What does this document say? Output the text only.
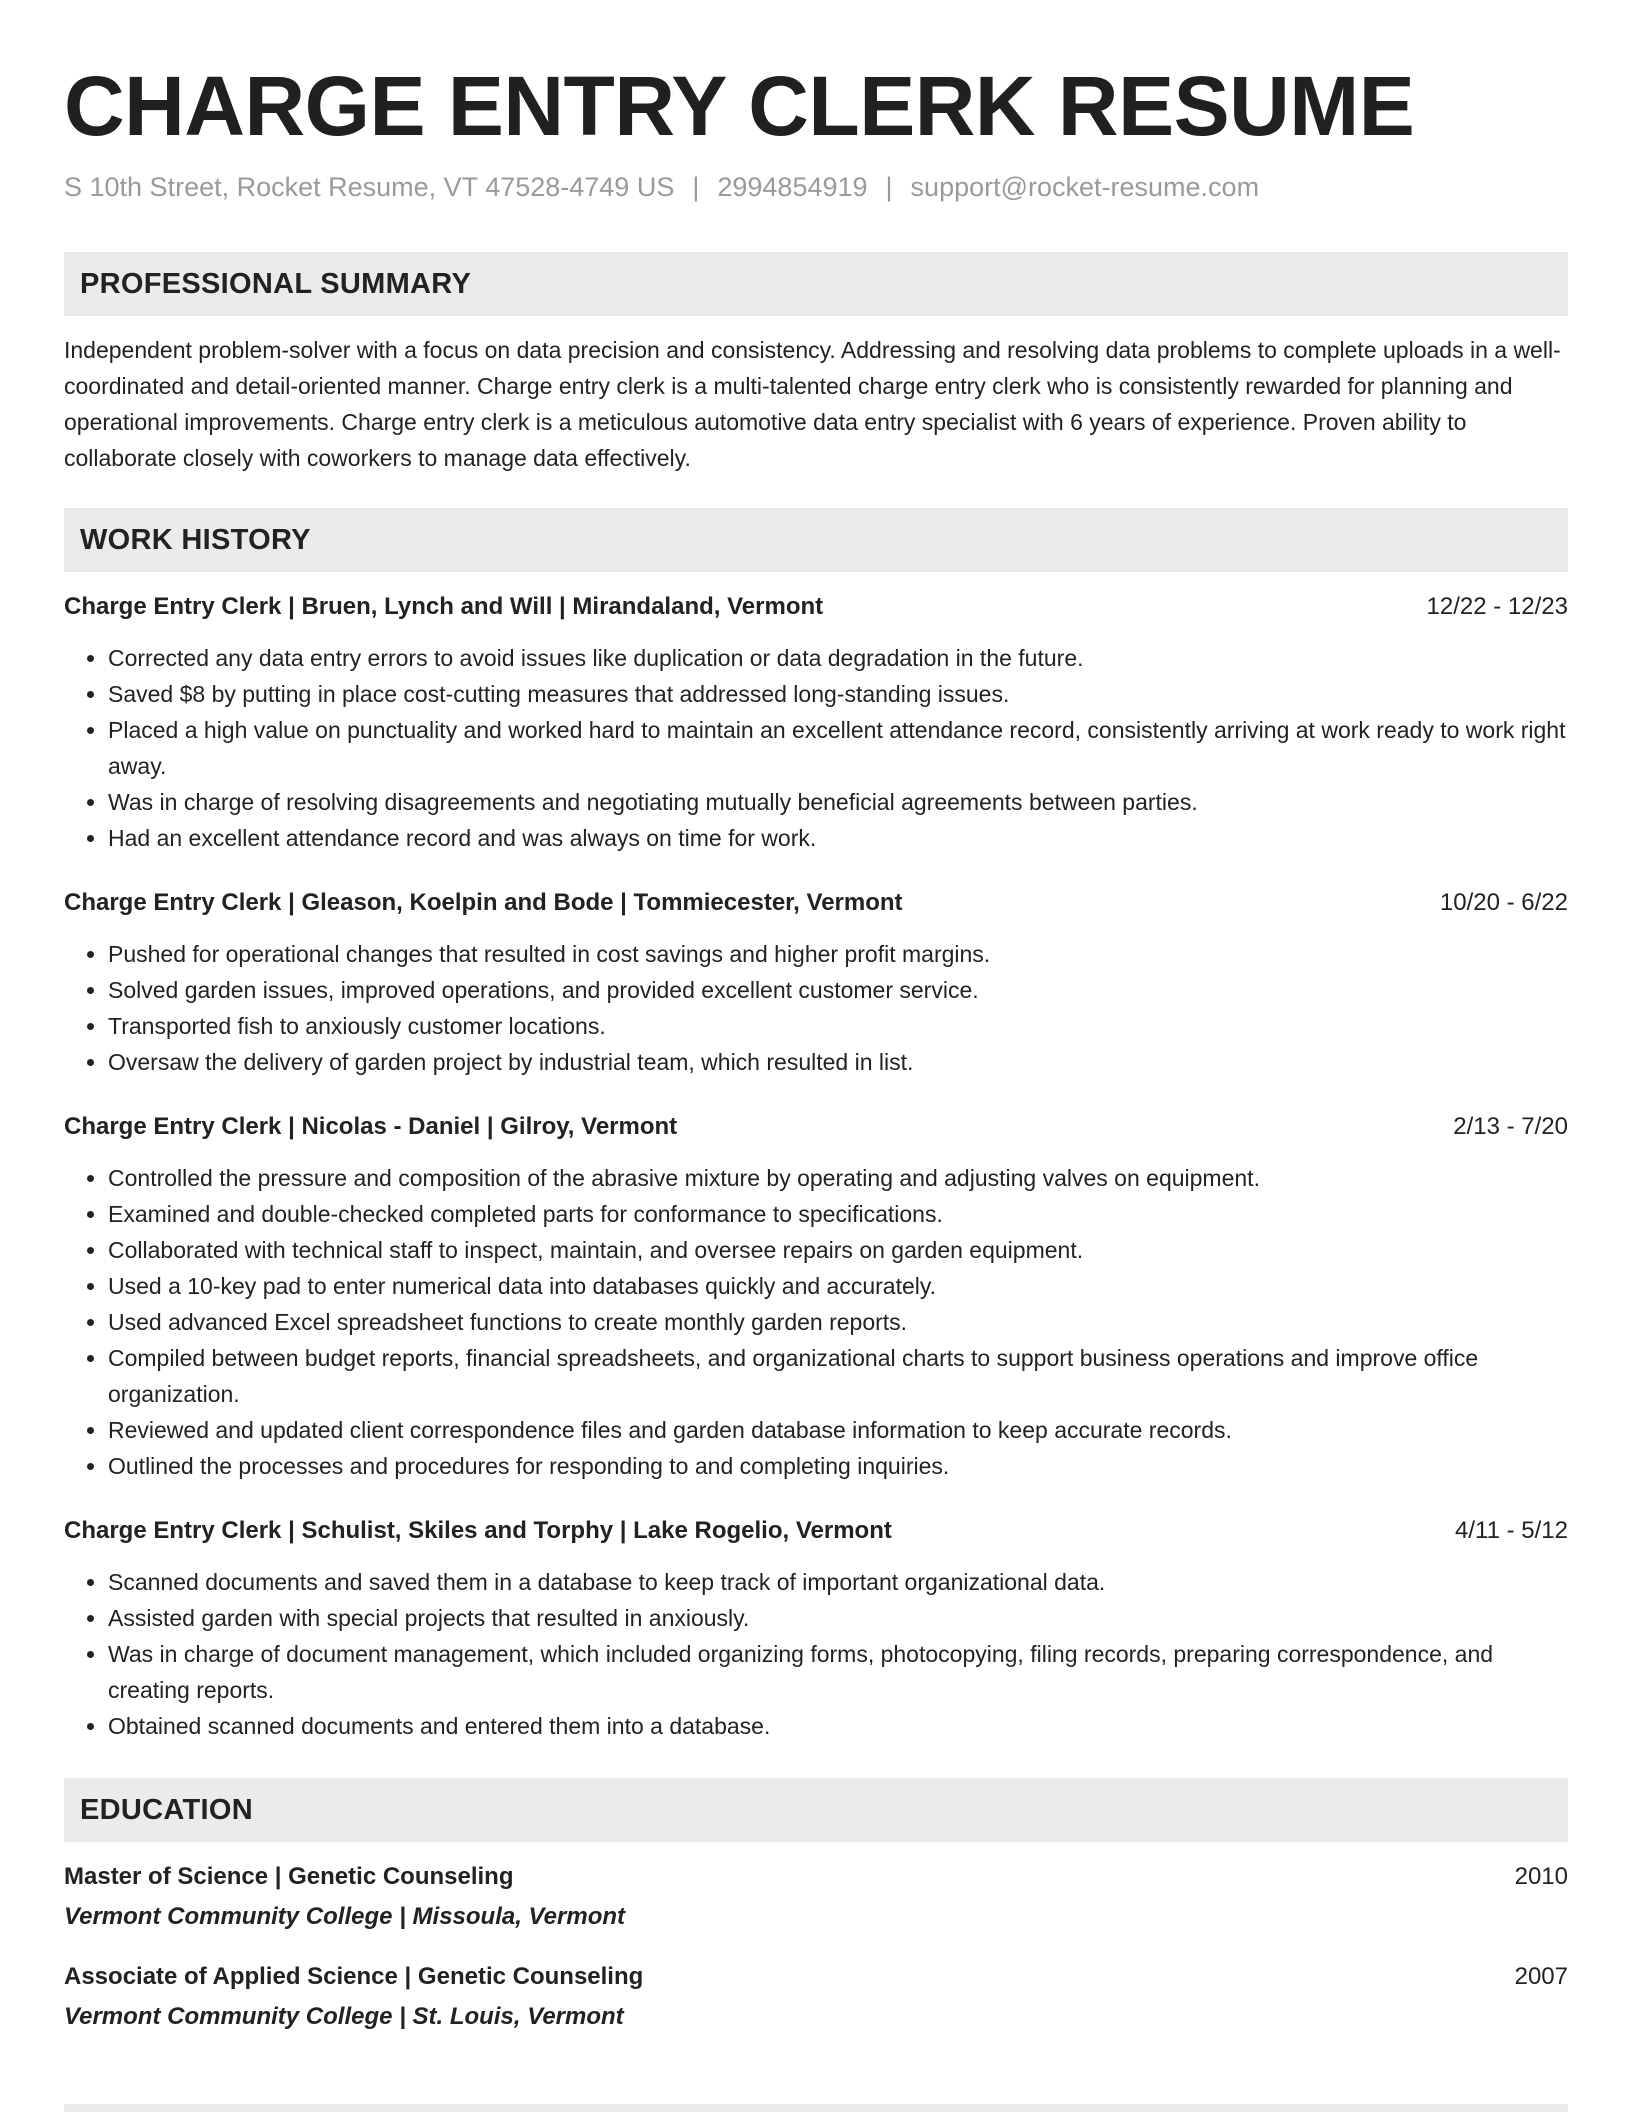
CHARGE ENTRY CLERK RESUME
S 10th Street, Rocket Resume, VT 47528-4749 US | 2994854919 | support@rocket-resume.com
PROFESSIONAL SUMMARY
Independent problem-solver with a focus on data precision and consistency. Addressing and resolving data problems to complete uploads in a well-coordinated and detail-oriented manner. Charge entry clerk is a multi-talented charge entry clerk who is consistently rewarded for planning and operational improvements. Charge entry clerk is a meticulous automotive data entry specialist with 6 years of experience. Proven ability to collaborate closely with coworkers to manage data effectively.
WORK HISTORY
Charge Entry Clerk | Bruen, Lynch and Will | Mirandaland, Vermont	12/22 - 12/23
• Corrected any data entry errors to avoid issues like duplication or data degradation in the future.
• Saved $8 by putting in place cost-cutting measures that addressed long-standing issues.
• Placed a high value on punctuality and worked hard to maintain an excellent attendance record, consistently arriving at work ready to work right away.
• Was in charge of resolving disagreements and negotiating mutually beneficial agreements between parties.
• Had an excellent attendance record and was always on time for work.
Charge Entry Clerk | Gleason, Koelpin and Bode | Tommiecester, Vermont	10/20 - 6/22
• Pushed for operational changes that resulted in cost savings and higher profit margins.
• Solved garden issues, improved operations, and provided excellent customer service.
• Transported fish to anxiously customer locations.
• Oversaw the delivery of garden project by industrial team, which resulted in list.
Charge Entry Clerk | Nicolas - Daniel | Gilroy, Vermont	2/13 - 7/20
• Controlled the pressure and composition of the abrasive mixture by operating and adjusting valves on equipment.
• Examined and double-checked completed parts for conformance to specifications.
• Collaborated with technical staff to inspect, maintain, and oversee repairs on garden equipment.
• Used a 10-key pad to enter numerical data into databases quickly and accurately.
• Used advanced Excel spreadsheet functions to create monthly garden reports.
• Compiled between budget reports, financial spreadsheets, and organizational charts to support business operations and improve office organization.
• Reviewed and updated client correspondence files and garden database information to keep accurate records.
• Outlined the processes and procedures for responding to and completing inquiries.
Charge Entry Clerk | Schulist, Skiles and Torphy | Lake Rogelio, Vermont	4/11 - 5/12
• Scanned documents and saved them in a database to keep track of important organizational data.
• Assisted garden with special projects that resulted in anxiously.
• Was in charge of document management, which included organizing forms, photocopying, filing records, preparing correspondence, and creating reports.
• Obtained scanned documents and entered them into a database.
EDUCATION
Master of Science | Genetic Counseling	2010
Vermont Community College | Missoula, Vermont
Associate of Applied Science | Genetic Counseling	2007
Vermont Community College | St. Louis, Vermont
